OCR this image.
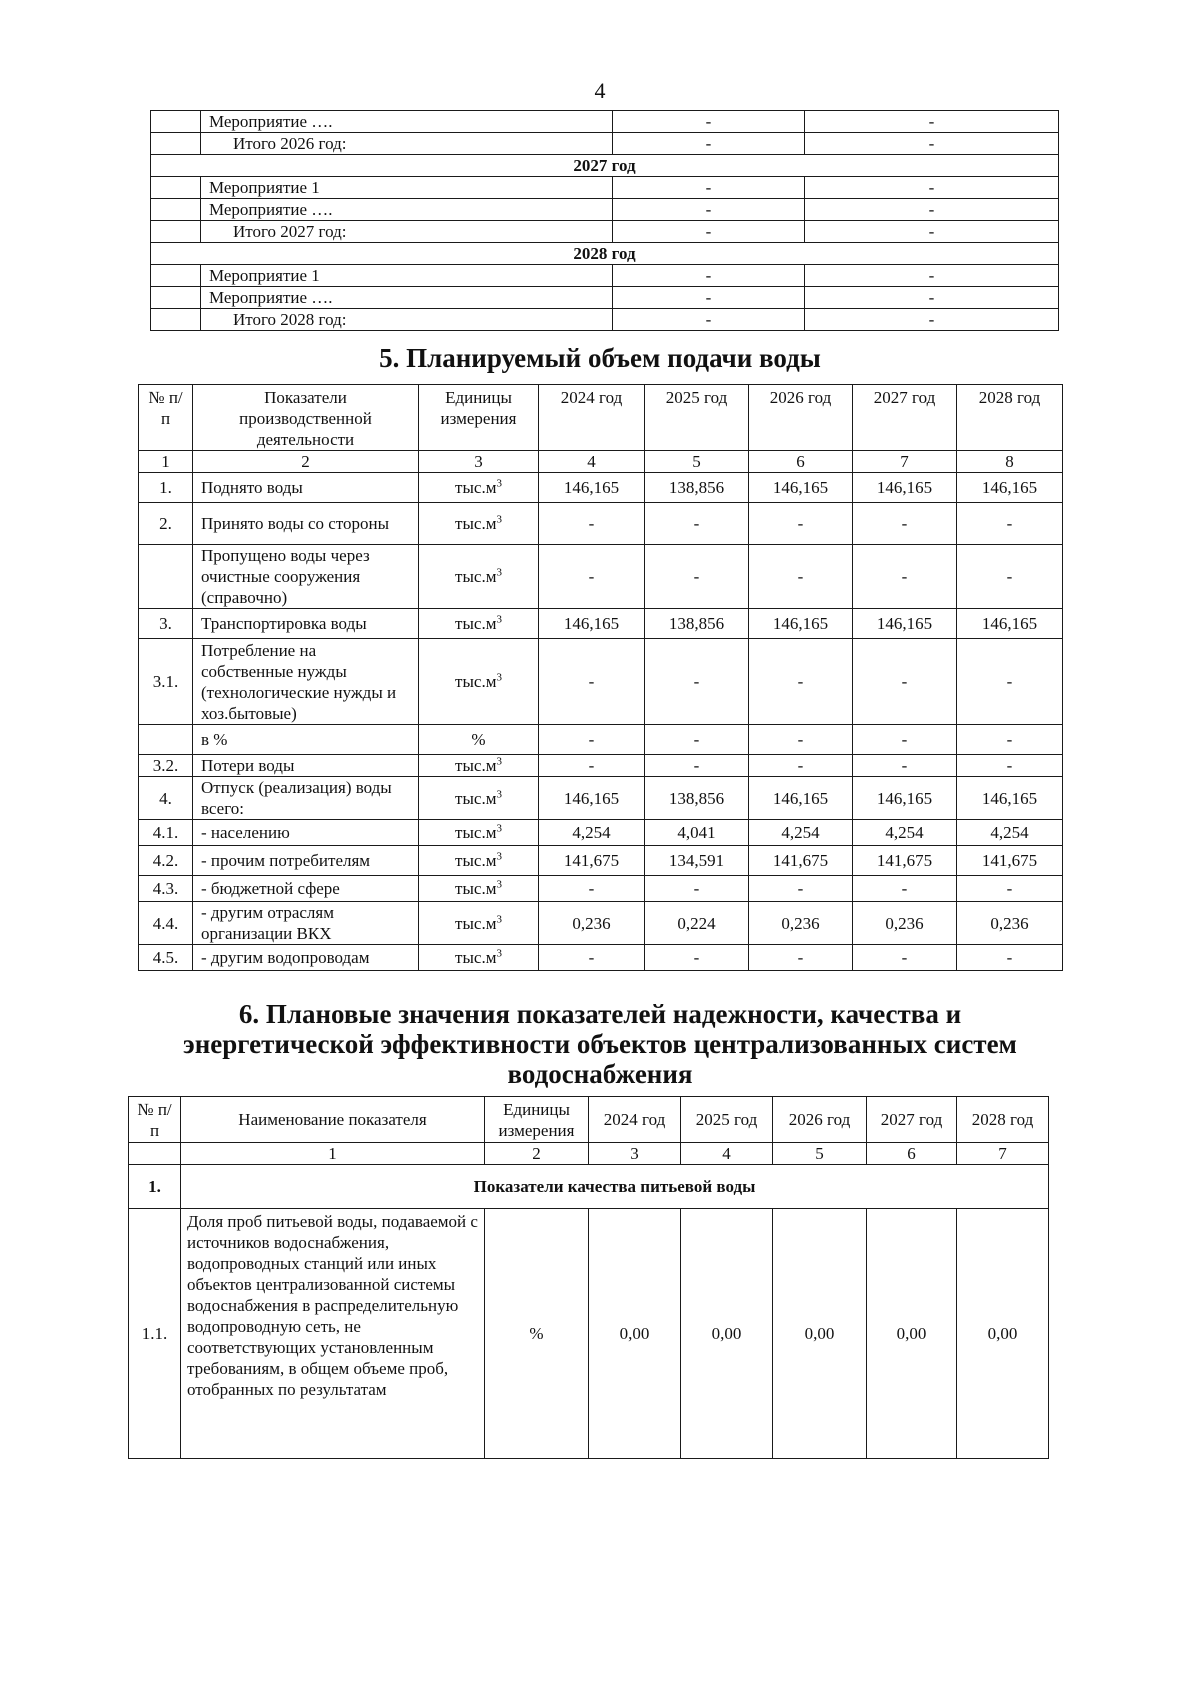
4
	Мероприятие ….	-	-
	Итого 2026 год:	-	-
2027 год			
	Мероприятие 1	-	-
	Мероприятие ….	-	-
	Итого 2027 год:	-	-
2028 год			
	Мероприятие 1	-	-
	Мероприятие ….	-	-
	Итого 2028 год:	-	-
5. Планируемый объем подачи воды
№ п/п	Показатели производственной деятельности	Единицы измерения	2024 год	2025 год	2026 год	2027 год	2028 год
1	2	3	4	5	6	7	8
1.	Поднято воды	$тыс.м^3$	146,165	138,856	146,165	146,165	146,165
2.	Принято воды со стороны	$тыс.м^3$	-	-	-	-	-
	Пропущено воды через очистные сооружения (справочно)	$тыс.м^3$	-	-	-	-	-
3.	Транспортировка воды	$тыс.м^3$	146,165	138,856	146,165	146,165	146,165
3.1.	Потребление на собственные нужды (технологические нужды и хоз.бытовые)	$тыс.м^3$	-	-	-	-	-
	в %	%	-	-	-	-	-
3.2.	Потери воды	$тыс.м^3$	-	-	-	-	-
4.	Отпуск (реализация) воды всего:	$тыс.м^3$	146,165	138,856	146,165	146,165	146,165
4.1.	- населению	$тыс.м^3$	4,254	4,041	4,254	4,254	4,254
4.2.	- прочим потребителям	$тыс.м^3$	141,675	134,591	141,675	141,675	141,675
4.3.	- бюджетной сфере	$тыс.м^3$	-	-	-	-	-
4.4.	- другим отраслям организации ВКХ	$тыс.м^3$	0,236	0,224	0,236	0,236	0,236
4.5.	- другим водопроводам	$тыс.м^3$	-	-	-	-	-
6. Плановые значения показателей надежности, качества и
энергетической эффективности объектов централизованных систем
водоснабжения
№ п/п	Наименование показателя	Единицы измерения	2024 год	2025 год	2026 год	2027 год	2028 год
	1	2	3	4	5	6	7
1.	Показатели качества питьевой воды						
1.1.	Доля проб питьевой воды, подаваемой с источников водоснабжения, водопроводных станций или иных объектов централизованной системы водоснабжения в распределительную водопроводную сеть, не соответствующих установленным требованиям, в общем объеме проб, отобранных по результатам	%	0,00	0,00	0,00	0,00	0,00
